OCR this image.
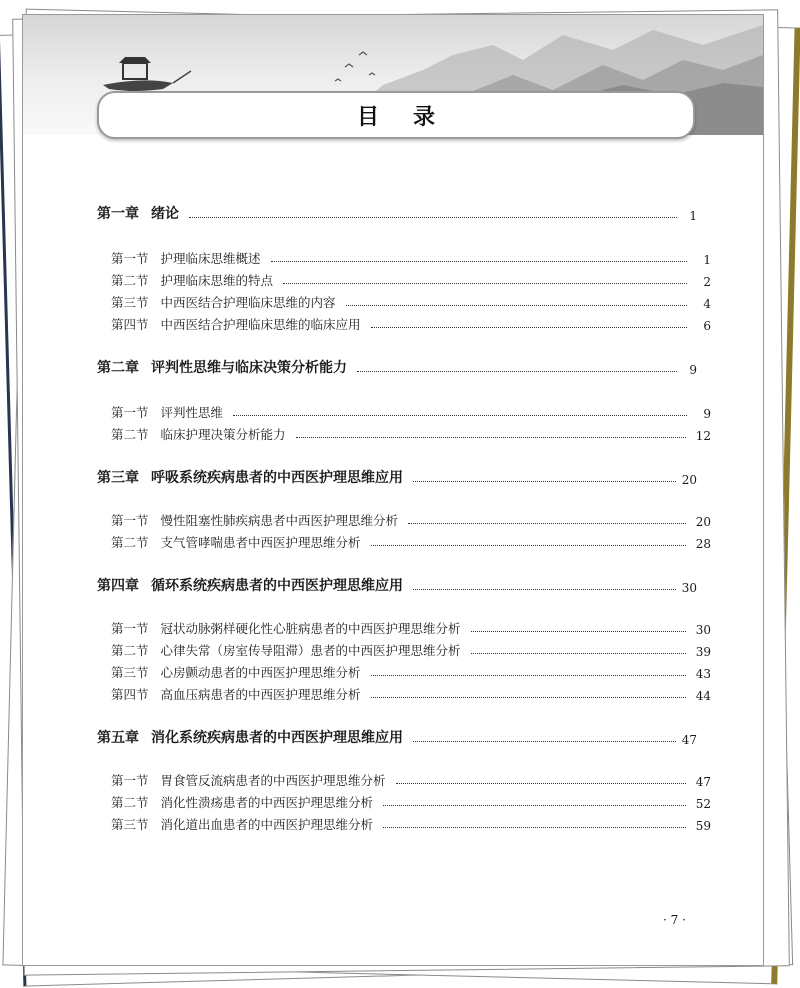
目录
第一章 绪论	1
第一节 护理临床思维概述	1
第二节 护理临床思维的特点	2
第三节 中西医结合护理临床思维的内容	4
第四节 中西医结合护理临床思维的临床应用	6
第二章 评判性思维与临床决策分析能力	9
第一节 评判性思维	9
第二节 临床护理决策分析能力	12
第三章 呼吸系统疾病患者的中西医护理思维应用	20
第一节 慢性阻塞性肺疾病患者中西医护理思维分析	20
第二节 支气管哮喘患者中西医护理思维分析	28
第四章 循环系统疾病患者的中西医护理思维应用	30
第一节 冠状动脉粥样硬化性心脏病患者的中西医护理思维分析	30
第二节 心律失常（房室传导阻滞）患者的中西医护理思维分析	39
第三节 心房颤动患者的中西医护理思维分析	43
第四节 高血压病患者的中西医护理思维分析	44
第五章 消化系统疾病患者的中西医护理思维应用	47
第一节 胃食管反流病患者的中西医护理思维分析	47
第二节 消化性溃疡患者的中西医护理思维分析	52
第三节 消化道出血患者的中西医护理思维分析	59
· 7 ·
